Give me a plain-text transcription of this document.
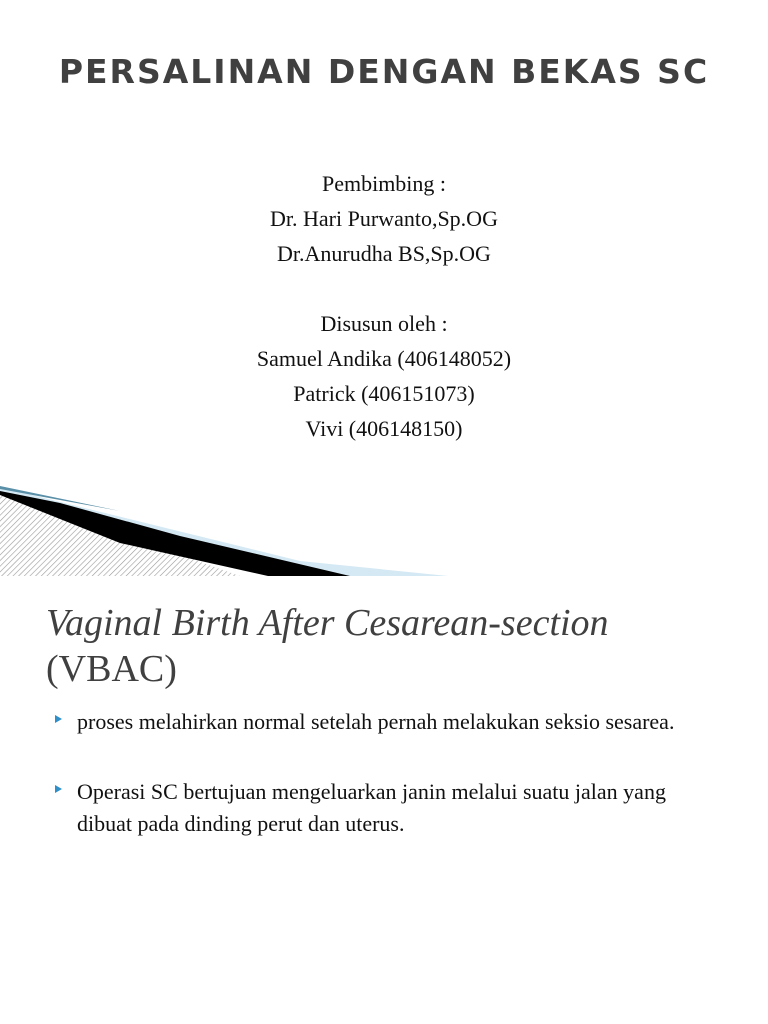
PERSALINAN DENGAN BEKAS SC
Pembimbing :
Dr. Hari Purwanto,Sp.OG
Dr.Anurudha BS,Sp.OG
Disusun oleh :
Samuel Andika (406148052)
Patrick (406151073)
Vivi (406148150)
Vaginal Birth After Cesarean-section
(VBAC)
proses melahirkan normal setelah pernah melakukan seksio sesarea.
Operasi SC bertujuan mengeluarkan janin melalui suatu jalan yang dibuat pada dinding perut dan uterus.
